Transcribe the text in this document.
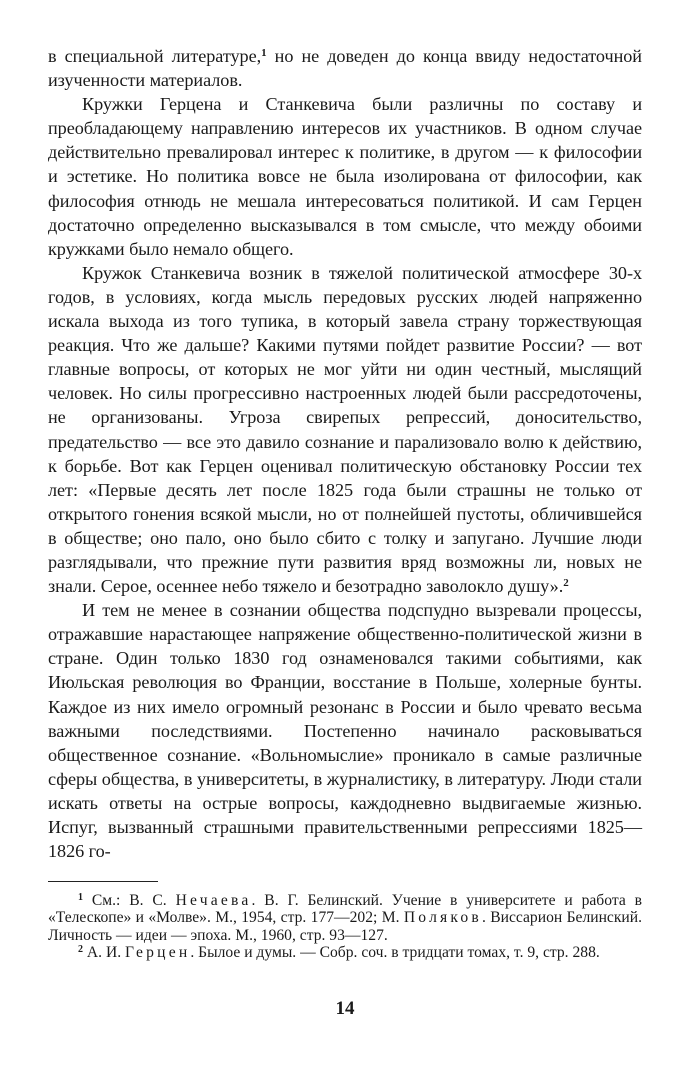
в специальной литературе,$^1$ но не доведен до конца ввиду недостаточной изученности материалов.

Кружки Герцена и Станкевича были различны по составу и преобладающему направлению интересов их участников. В одном случае действительно превалировал интерес к политике, в другом — к философии и эстетике. Но политика вовсе не была изолирована от философии, как философия отнюдь не мешала интересоваться политикой. И сам Герцен достаточно определенно высказывался в том смысле, что между обоими кружками было немало общего.

Кружок Станкевича возник в тяжелой политической атмосфере 30-х годов, в условиях, когда мысль передовых русских людей напряженно искала выхода из того тупика, в который завела страну торжествующая реакция. Что же дальше? Какими путями пойдет развитие России? — вот главные вопросы, от которых не мог уйти ни один честный, мыслящий человек. Но силы прогрессивно настроенных людей были рассредоточены, не организованы. Угроза свирепых репрессий, доносительство, предательство — все это давило сознание и парализовало волю к действию, к борьбе. Вот как Герцен оценивал политическую обстановку России тех лет: «Первые десять лет после 1825 года были страшны не только от открытого гонения всякой мысли, но от полнейшей пустоты, обличившейся в обществе; оно пало, оно было сбито с толку и запугано. Лучшие люди разглядывали, что прежние пути развития вряд возможны ли, новых не знали. Серое, осеннее небо тяжело и безотрадно заволокло душу».$^2$

И тем не менее в сознании общества подспудно вызревали процессы, отражавшие нарастающее напряжение общественно-политической жизни в стране. Один только 1830 год ознаменовался такими событиями, как Июльская революция во Франции, восстание в Польше, холерные бунты. Каждое из них имело огромный резонанс в России и было чревато весьма важными последствиями. Постепенно начинало расковываться общественное сознание. «Вольномыслие» проникало в самые различные сферы общества, в университеты, в журналистику, в литературу. Люди стали искать ответы на острые вопросы, каждодневно выдвигаемые жизнью. Испуг, вызванный страшными правительственными репрессиями 1825—1826 го-

$^1$ См.: В. С. Нечаева. В. Г. Белинский. Учение в университете и работа в «Телескопе» и «Молве». М., 1954, стр. 177—202; М. Поляков. Виссарион Белинский. Личность — идеи — эпоха. М., 1960, стр. 93—127.

$^2$ А. И. Герцен. Былое и думы. — Собр. соч. в тридцати томах, т. 9, стр. 288.

14
